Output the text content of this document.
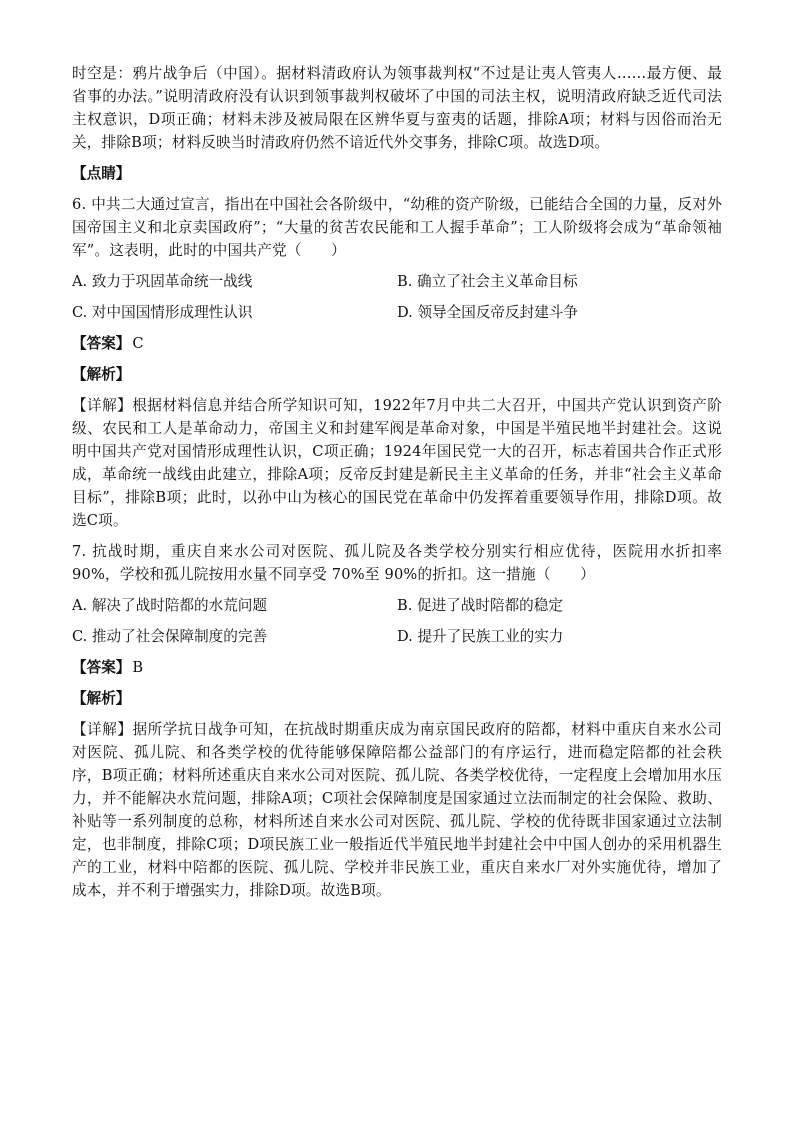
时空是：鸦片战争后（中国）。据材料清政府认为领事裁判权“不过是让夷人管夷人……最方便、最省事的办法。”说明清政府没有认识到领事裁判权破坏了中国的司法主权，说明清政府缺乏近代司法主权意识，D项正确；材料未涉及被局限在区辨华夏与蛮夷的话题，排除A项；材料与因俗而治无关，排除B项；材料反映当时清政府仍然不谙近代外交事务，排除C项。故选D项。

【点睛】

6. 中共二大通过宣言，指出在中国社会各阶级中，“幼稚的资产阶级，已能结合全国的力量，反对外国帝国主义和北京卖国政府”；“大量的贫苦农民能和工人握手革命”；工人阶级将会成为“革命领袖军”。这表明，此时的中国共产党（　　）

A. 致力于巩固革命统一战线	B. 确立了社会主义革命目标
C. 对中国国情形成理性认识	D. 领导全国反帝反封建斗争

【答案】 C

【解析】

【详解】根据材料信息并结合所学知识可知，1922年7月中共二大召开，中国共产党认识到资产阶级、农民和工人是革命动力，帝国主义和封建军阀是革命对象，中国是半殖民地半封建社会。这说明中国共产党对国情形成理性认识，C项正确；1924年国民党一大的召开，标志着国共合作正式形成，革命统一战线由此建立，排除A项；反帝反封建是新民主主义革命的任务，并非“社会主义革命目标”，排除B项；此时，以孙中山为核心的国民党在革命中仍发挥着重要领导作用，排除D项。故选C项。

7. 抗战时期，重庆自来水公司对医院、孤儿院及各类学校分别实行相应优待，医院用水折扣率 90%，学校和孤儿院按用水量不同享受 70%至 90%的折扣。这一措施（　　）

A. 解决了战时陪都的水荒问题	B. 促进了战时陪都的稳定
C. 推动了社会保障制度的完善	D. 提升了民族工业的实力

【答案】 B

【解析】

【详解】据所学抗日战争可知，在抗战时期重庆成为南京国民政府的陪都，材料中重庆自来水公司对医院、孤儿院、和各类学校的优待能够保障陪都公益部门的有序运行，进而稳定陪都的社会秩序，B项正确；材料所述重庆自来水公司对医院、孤儿院、各类学校优待，一定程度上会增加用水压力，并不能解决水荒问题，排除A项；C项社会保障制度是国家通过立法而制定的社会保险、救助、补贴等一系列制度的总称，材料所述自来水公司对医院、孤儿院、学校的优待既非国家通过立法制定，也非制度，排除C项；D项民族工业一般指近代半殖民地半封建社会中中国人创办的采用机器生产的工业，材料中陪都的医院、孤儿院、学校并非民族工业，重庆自来水厂对外实施优待，增加了成本，并不利于增强实力，排除D项。故选B项。
